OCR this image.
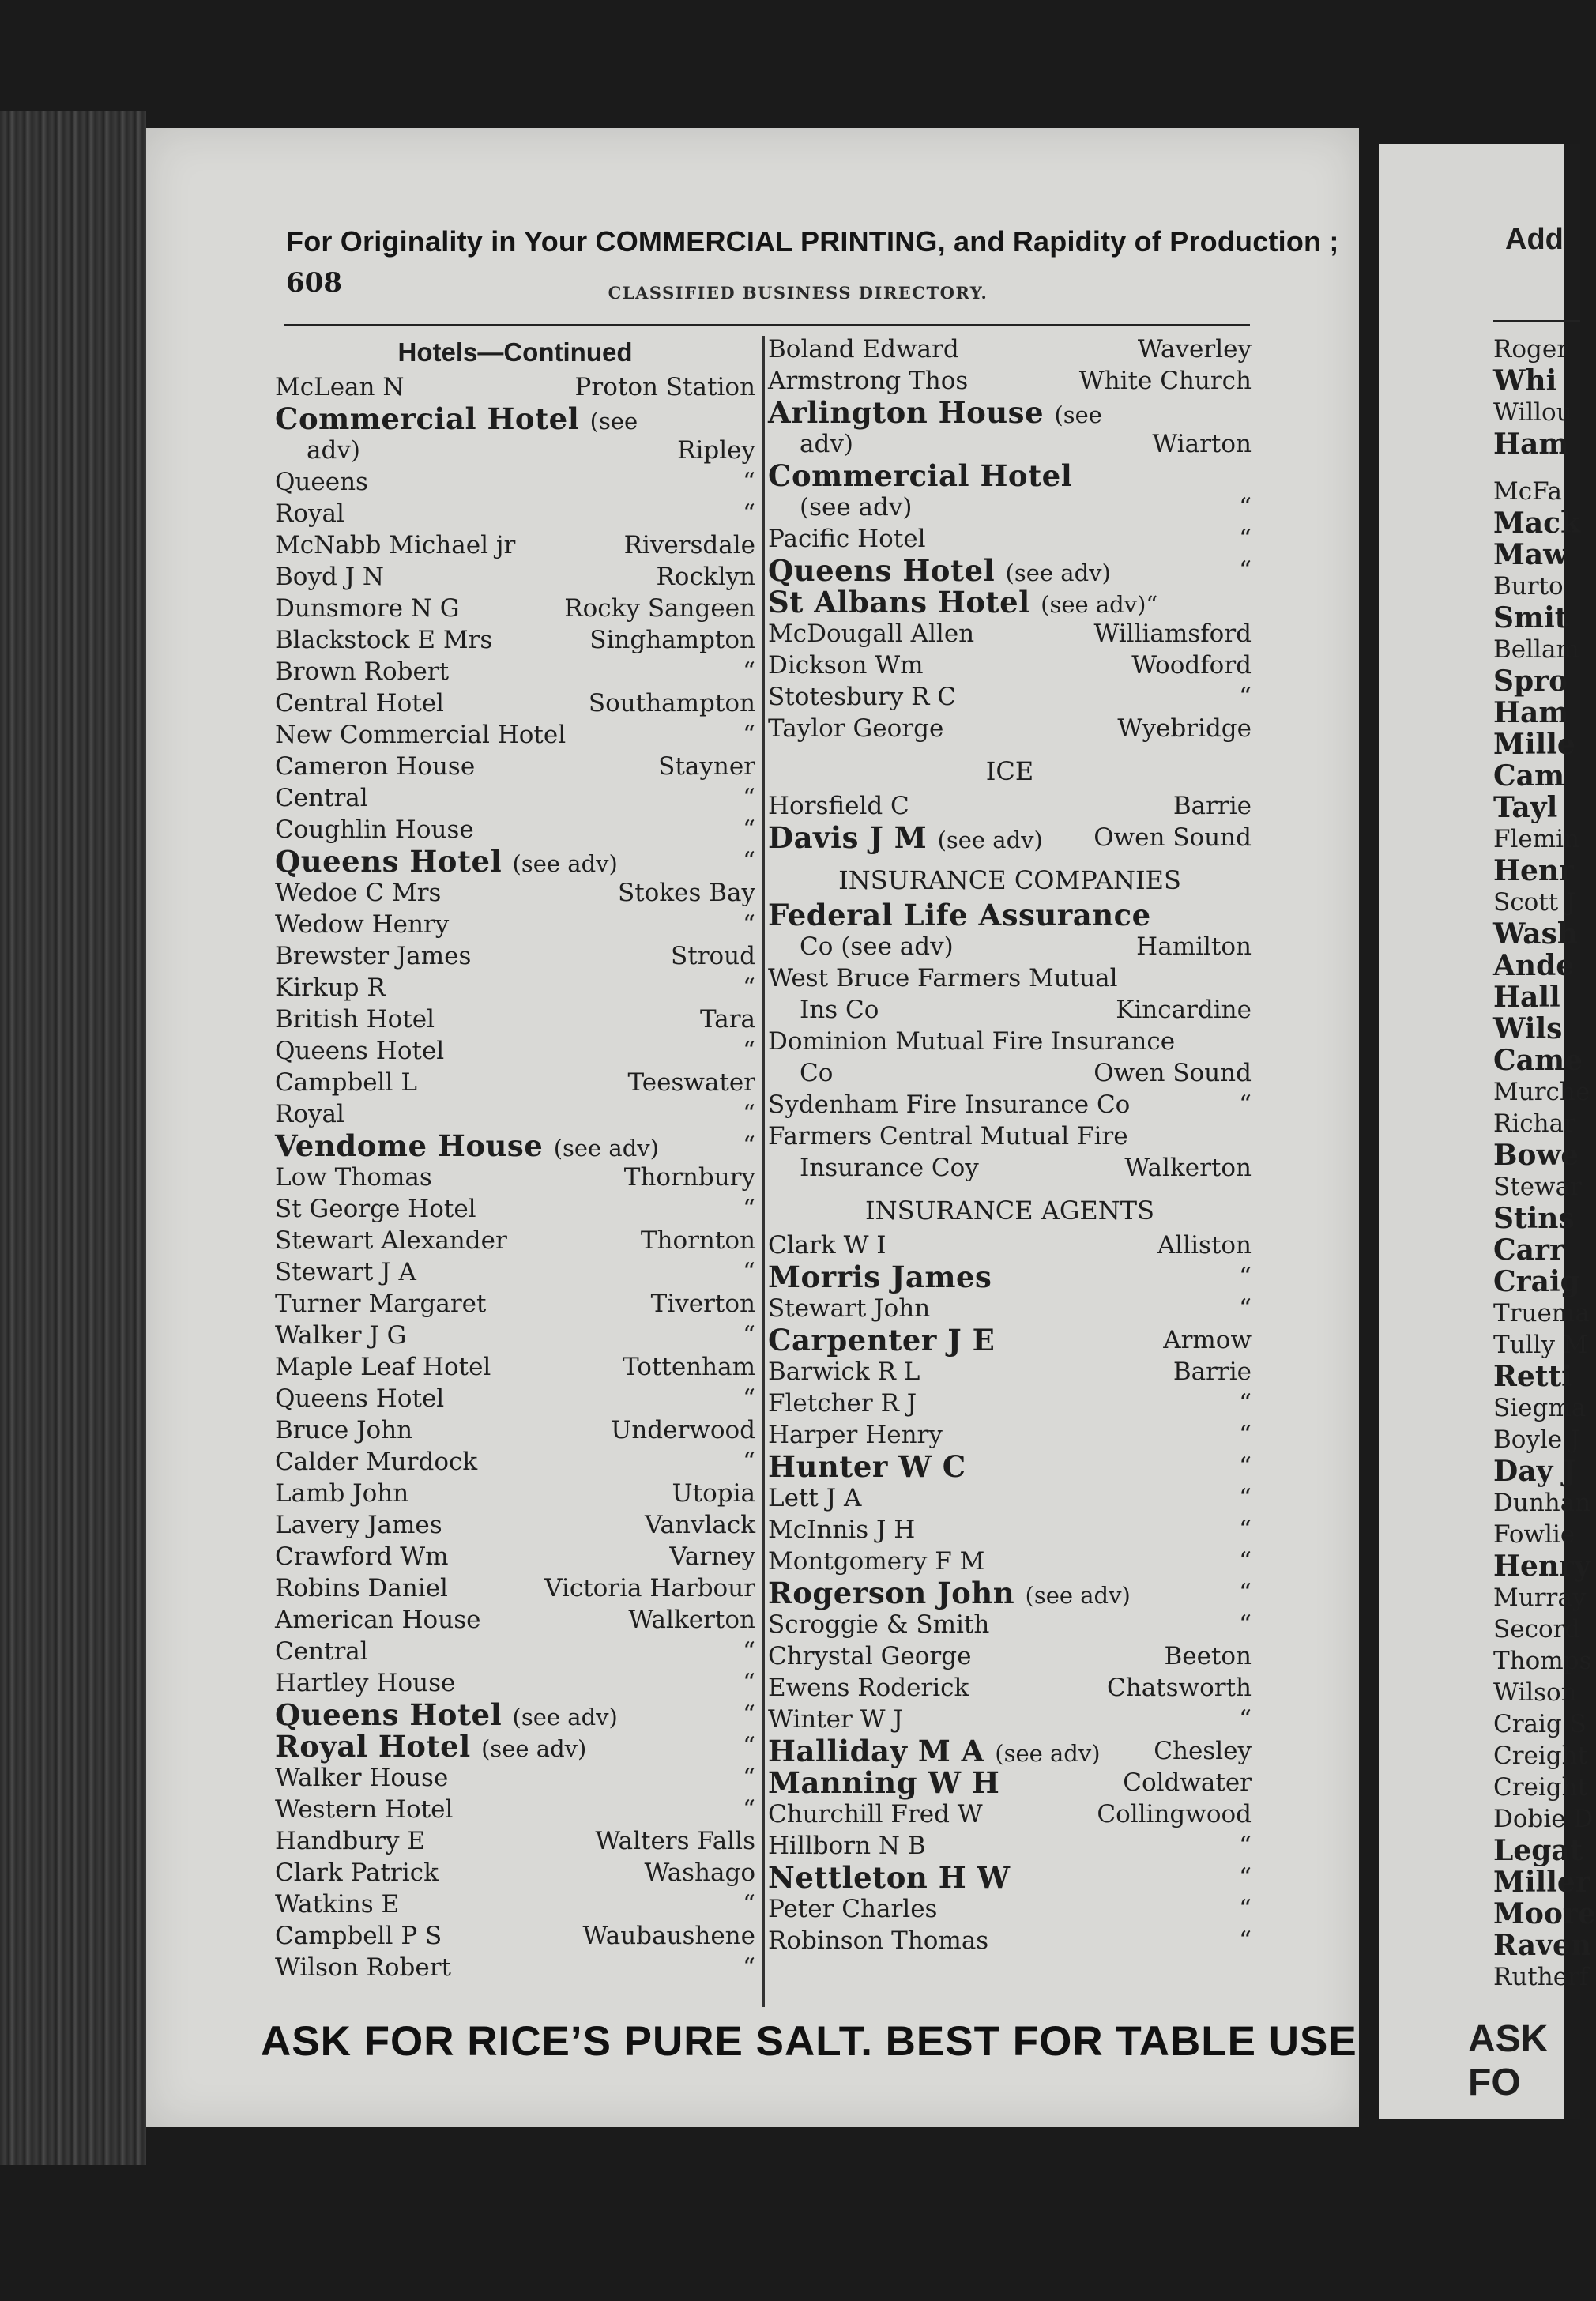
For Originality in Your COMMERCIAL PRINTING, and Rapidity of Production ;
608	CLASSIFIED BUSINESS DIRECTORY.
Hotels—Continued
McLean N	Proton Station
Commercial Hotel (see
adv)	Ripley
Queens	“
Royal	“
McNabb Michael jr	Riversdale
Boyd J N	Rocklyn
Dunsmore N G	Rocky Sangeen
Blackstock E Mrs	Singhampton
Brown Robert	“
Central Hotel	Southampton
New Commercial Hotel	“
Cameron House	Stayner
Central	“
Coughlin House	“
Queens Hotel (see adv)	“
Wedoe C Mrs	Stokes Bay
Wedow Henry	“
Brewster James	Stroud
Kirkup R	“
British Hotel	Tara
Queens Hotel	“
Campbell L	Teeswater
Royal	“
Vendome House (see adv)	“
Low Thomas	Thornbury
St George Hotel	“
Stewart Alexander	Thornton
Stewart J A	“
Turner Margaret	Tiverton
Walker J G	“
Maple Leaf Hotel	Tottenham
Queens Hotel	“
Bruce John	Underwood
Calder Murdock	“
Lamb John	Utopia
Lavery James	Vanvlack
Crawford Wm	Varney
Robins Daniel	Victoria Harbour
American House	Walkerton
Central	“
Hartley House	“
Queens Hotel (see adv)	“
Royal Hotel (see adv)	“
Walker House	“
Western Hotel	“
Handbury E	Walters Falls
Clark Patrick	Washago
Watkins E	“
Campbell P S	Waubaushene
Wilson Robert	“
Boland Edward	Waverley
Armstrong Thos	White Church
Arlington House (see
adv)	Wiarton
Commercial Hotel
(see adv)	“
Pacific Hotel	“
Queens Hotel (see adv)	“
St Albans Hotel (see adv)“
McDougall Allen	Williamsford
Dickson Wm	Woodford
Stotesbury R C	“
Taylor George	Wyebridge
ICE
Horsfield C	Barrie
Davis J M (see adv) Owen Sound
INSURANCE COMPANIES
Federal Life Assurance
Co (see adv)	Hamilton
West Bruce Farmers Mutual
Ins Co	Kincardine
Dominion Mutual Fire Insurance
Co	Owen Sound
Sydenham Fire Insurance Co	“
Farmers Central Mutual Fire
Insurance Coy	Walkerton
INSURANCE AGENTS
Clark W I	Alliston
Morris James	“
Stewart John	“
Carpenter J E	Armow
Barwick R L	Barrie
Fletcher R J	“
Harper Henry	“
Hunter W C	“
Lett J A	“
McInnis J H	“
Montgomery F M	“
Rogerson John (see adv)	“
Scroggie & Smith	“
Chrystal George	Beeton
Ewens Roderick	Chatsworth
Winter W J	“
Halliday M A (see adv) Chesley
Manning W H	Coldwater
Churchill Fred W	Collingwood
Hillborn N B	“
Nettleton H W	“
Peter Charles	“
Robinson Thomas	“
ASK FOR RICE’S PURE SALT. BEST FOR TABLE USE
Add
Roger
Whi
Willou
Ham
McFa
Mack
Maw
Burto
Smit
Bellam
Spro
Ham
Mille
Cam
Tayl
Flemin
Henr
Scott J
Wash
Ande
Hall
Wils
Came
Murche
Richar
Bowe
Stewar
Stins
Carr
Craig
Truema
Tully M
Retti
Siegma
Boyle J
Day J
Dunhan
Fowlie
Henry
Murray
Secord
Thomps
Wilson
Craig S
Creight
Creight
Dobie D
Legat
Miller
Moore
Raven
Rutherf
ASK FO
